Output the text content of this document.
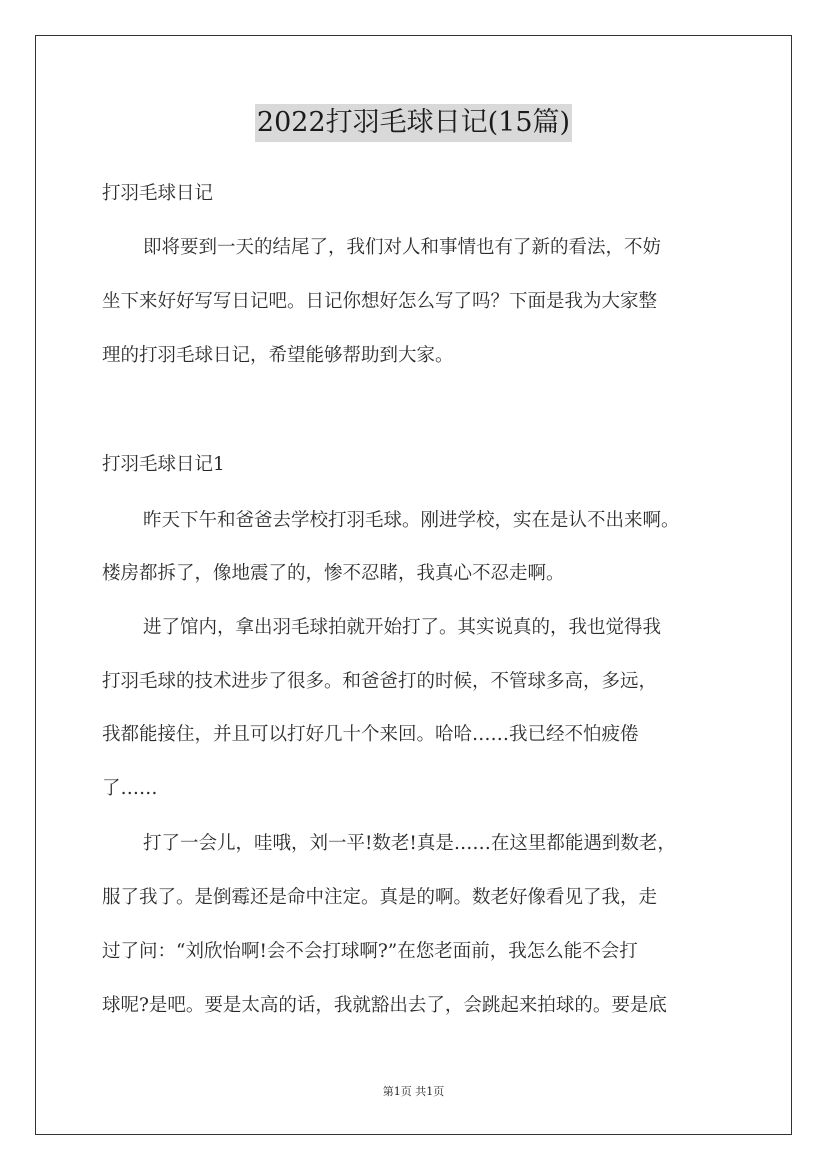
2022打羽毛球日记(15篇)
打羽毛球日记
即将要到一天的结尾了，我们对人和事情也有了新的看法，不妨
坐下来好好写写日记吧。日记你想好怎么写了吗？下面是我为大家整
理的打羽毛球日记，希望能够帮助到大家。
打羽毛球日记1
昨天下午和爸爸去学校打羽毛球。刚进学校，实在是认不出来啊。
楼房都拆了，像地震了的，惨不忍睹，我真心不忍走啊。
进了馆内，拿出羽毛球拍就开始打了。其实说真的，我也觉得我
打羽毛球的技术进步了很多。和爸爸打的时候，不管球多高，多远，
我都能接住，并且可以打好几十个来回。哈哈……我已经不怕疲倦
了……
打了一会儿，哇哦，刘一平!数老!真是……在这里都能遇到数老，
服了我了。是倒霉还是命中注定。真是的啊。数老好像看见了我，走
过了问：“刘欣怡啊!会不会打球啊?”在您老面前，我怎么能不会打
球呢?是吧。要是太高的话，我就豁出去了，会跳起来拍球的。要是底
第1页 共1页
